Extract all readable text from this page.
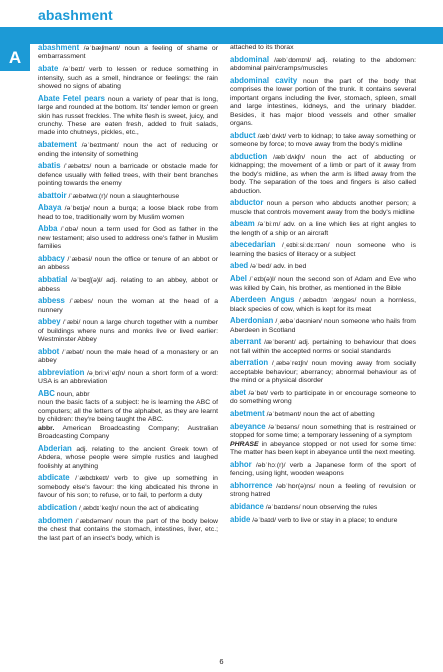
abashment
A	abashment /əˈbæʃmənt/ noun a feeling of shame or embarrassment

abate /əˈbeɪt/ verb to lessen or reduce something in intensity, such as a smell, hindrance or feelings: the rain showed no signs of abating

Abate Fetel pears noun a variety of pear that is long, large and rounded at the bottom. Its' tender lemon or green skin has russet freckles. The white flesh is sweet, juicy, and crunchy. These are eaten fresh, added to fruit salads, made into chutneys, pickles, etc.,

abatement /əˈbeɪtmənt/ noun the act of reducing or ending the intensity of something

abatis /ˈæbətɪs/ noun a barricade or obstacle made for defence usually with felled trees, with their bent branches pointing towards the enemy

abattoir /ˈæbətwɑː(r)/ noun a slaughterhouse

Abaya /əˈbeɪjə/ noun a burqa; a loose black robe from head to toe, traditionally worn by Muslim women

Abba /ˈɑbə/ noun a term used for God as father in the new testament; also used to address one's father in Muslim families

abbacy /ˈæbəsi/ noun the office or tenure of an abbot or an abbess

abbatial /əˈbeɪʃ(ə)l/ adj. relating to an abbey, abbot or abbess

abbess /ˈæbes/ noun the woman at the head of a nunnery

abbey /ˈæbi/ noun a large church together with a number of buildings where nuns and monks live or lived earlier: Westminster Abbey

abbot /ˈæbət/ noun the male head of a monastery or an abbey

abbreviation /əˌbriːviˈeɪʃn/ noun a short form of a word: USA is an abbreviation

ABC noun, abbr

noun the basic facts of a subject: he is learning the ABC of computers; all the letters of the alphabet, as they are learnt by children: they're being taught the ABC.

abbr. American Broadcasting Company; Australian Broadcasting Company

Abderian adj. relating to the ancient Greek town of Abdera, whose people were simple rustics and laughed foolishly at anything

abdicate /ˈæbdɪkeɪt/ verb to give up something in somebody else's favour: the king abdicated his throne in favour of his son; to refuse, or to fail, to perform a duty

abdication /ˌæbdɪˈkeɪʃn/ noun the act of abdicating

abdomen /ˈæbdəmən/ noun the part of the body below the chest that contains the stomach, intestines, liver, etc.; the last part of an insect's body, which is

attached to its thorax

abdominal /æbˈdɒmɪnl/ adj. relating to the abdomen: abdominal pain/cramps/muscles

abdominal cavity noun the part of the body that comprises the lower portion of the trunk. It contains several important organs including the liver, stomach, spleen, small and large intestines, kidneys, and the urinary bladder. Besides, it has major blood vessels and other smaller organs.

abduct /æbˈdʌkt/ verb to kidnap; to take away something or someone by force; to move away from the body's midline

abduction /æbˈdʌkʃn/ noun the act of abducting or kidnapping; the movement of a limb or part of it away from the body's midline, as when the arm is lifted away from the body. The separation of the toes and fingers is also called abduction.

abductor noun a person who abducts another person; a muscle that controls movement away from the body's midline

abeam /əˈbiːm/ adv. on a line which lies at right angles to the length of a ship or an aircraft

abecedarian /ˌeɪbiːsiːdɛːrɪən/ noun someone who is learning the basics of literacy or a subject

abed /əˈbed/ adv. in bed

Abel /ˈeɪb(ə)l/ noun the second son of Adam and Eve who was killed by Cain, his brother, as mentioned in the Bible

Aberdeen Angus /ˌæbədɪn ˈæŋgəs/ noun a hornless, black species of cow, which is kept for its meat

Aberdonian /ˌæbəˈdəʊniən/ noun someone who hails from Aberdeen in Scotland

aberrant /æˈberənt/ adj. pertaining to behaviour that does not fall within the accepted norms or social standards

aberration /ˌæbəˈreɪʃn/ noun moving away from socially acceptable behaviour; aberrancy; abnormal behaviour as of the mind or a physical disorder

abet /əˈbet/ verb to participate in or encourage someone to do something wrong

abetment /əˈbetmənt/ noun the act of abetting

abeyance /əˈbeɪəns/ noun something that is restrained or stopped for some time; a temporary lessening of a symptom

PHRASE in abeyance stopped or not used for some time: The matter has been kept in abeyance until the next meeting.

abhor /əbˈhɔː(r)/ verb a Japanese form of the sport of fencing, using light, wooden weapons

abhorrence /əbˈhɒr(ə)ns/ noun a feeling of revulsion or strong hatred

abidance /əˈbaɪdəns/ noun observing the rules

abide /əˈbaɪd/ verb to live or stay in a place; to endure

6
